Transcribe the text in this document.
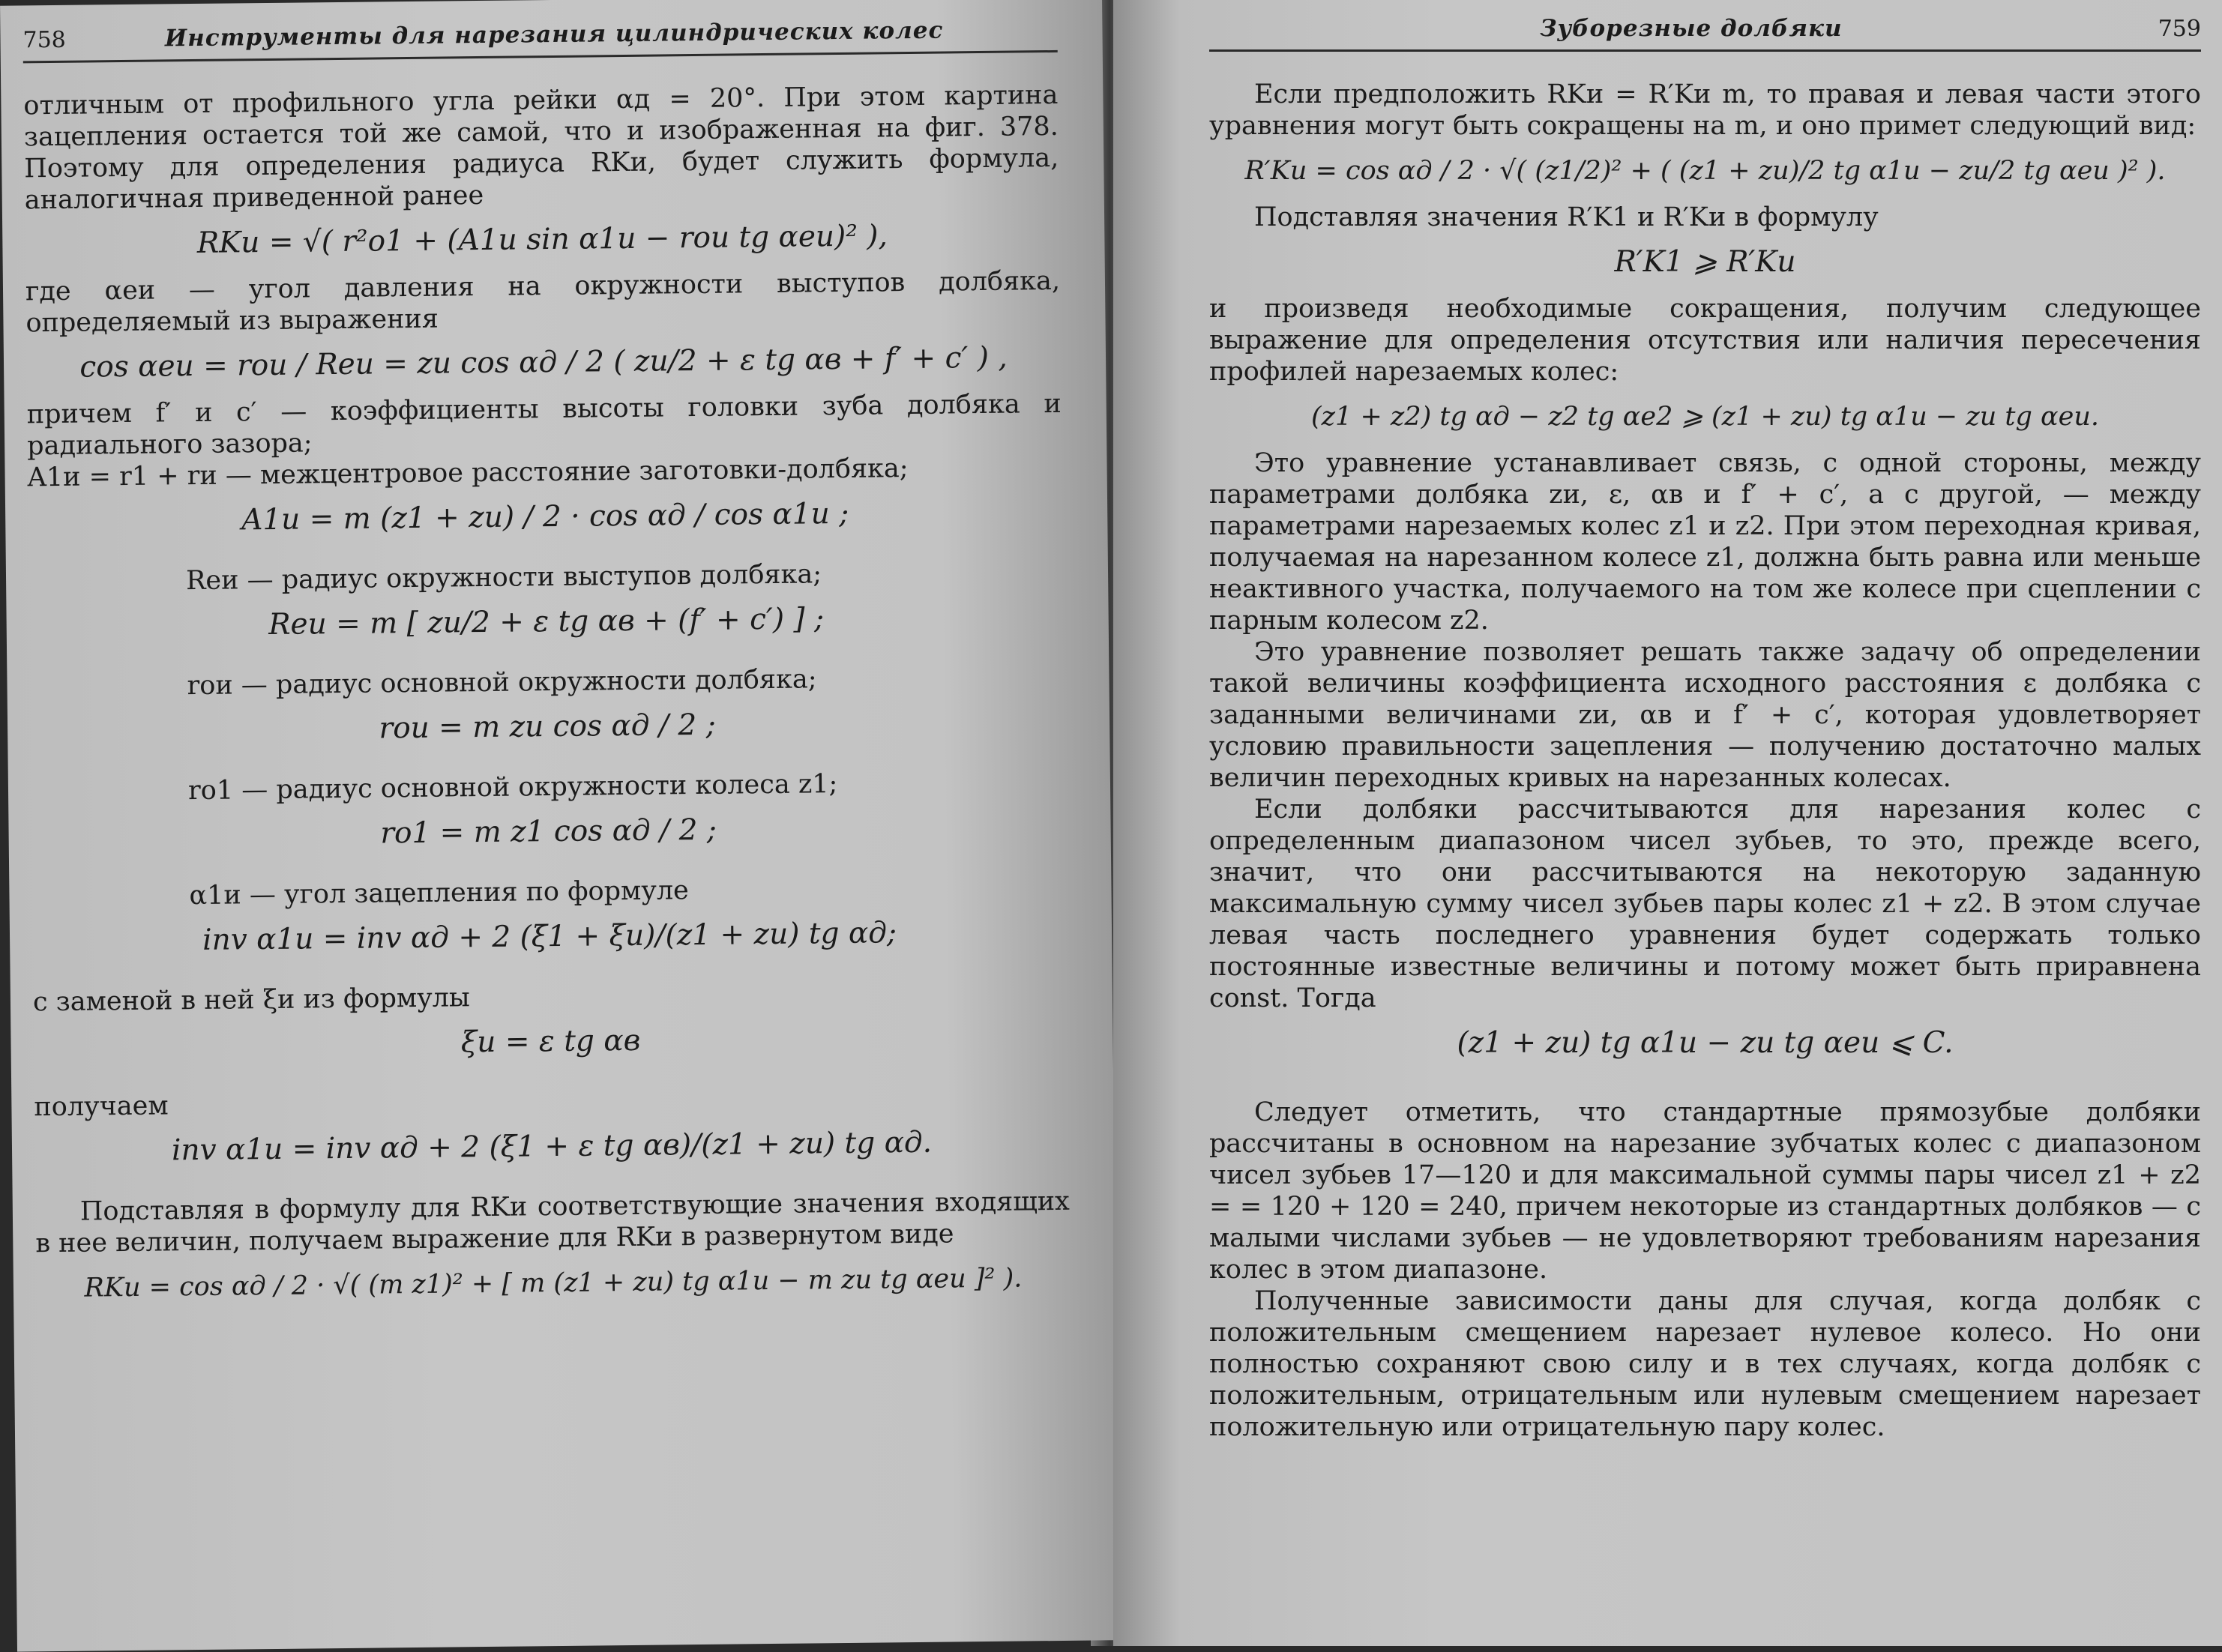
758	Инструменты для нарезания цилиндрических колес

отличным от профильного угла рейки αд = 20°. При этом картина зацепления остается той же самой, что и изображенная на фиг. 378. Поэтому для определения радиуса RKи, будет служить формула, аналогичная приведенной ранее

RKи = √( r²о1 + (A1и sin α1и − rои tg αеи)² ),

где αеи — угол давления на окружности выступов долбяка, определяемый из выражения

cos αеи = rои / Rеи = zи cos αд / 2 ( zи/2 + ε tg αв + f′ + c′ ) ,

причем f′ и c′ — коэффициенты высоты головки зуба долбяка и радиального зазора;

A1и = r1 + rи — межцентровое расстояние заготовки-долбяка;

A1и = m (z1 + zи) / 2 · cos αд / cos α1и ;

Rеи — радиус окружности выступов долбяка;

Rеи = m [ zи/2 + ε tg αв + (f′ + c′) ] ;

rои — радиус основной окружности долбяка;

rои = m zи cos αд / 2 ;

rо1 — радиус основной окружности колеса z1;

rо1 = m z1 cos αд / 2 ;

α1и — угол зацепления по формуле

inv α1и = inv αд + 2 (ξ1 + ξи)/(z1 + zи) tg αд;

с заменой в ней ξи из формулы

ξи = ε tg αв

получаем

inv α1и = inv αд + 2 (ξ1 + ε tg αв)/(z1 + zи) tg αд.

Подставляя в формулу для RKи соответствующие значения входящих в нее величин, получаем выражение для RKи в развернутом виде

RKи = cos αд / 2 · √( (m z1)² + [ m (z1 + zи) tg α1и − m zи tg αеи ]² ).
Зуборезные долбяки	759

Если предположить RKи = R′Kи m, то правая и левая части этого уравнения могут быть сокращены на m, и оно примет следующий вид:

R′Kи = cos αд / 2 · √( (z1/2)² + ( (z1 + zи)/2 tg α1и − zи/2 tg αеи )² ).

Подставляя значения R′K1 и R′Kи в формулу

R′K1 ⩾ R′Kи

и произведя необходимые сокращения, получим следующее выражение для определения отсутствия или наличия пересечения профилей нарезаемых колес:

(z1 + z2) tg αд − z2 tg αе2 ⩾ (z1 + zи) tg α1и − zи tg αеи.

Это уравнение устанавливает связь, с одной стороны, между параметрами долбяка zи, ε, αв и f′ + c′, а с другой, — между параметрами нарезаемых колес z1 и z2. При этом переходная кривая, получаемая на нарезанном колесе z1, должна быть равна или меньше неактивного участка, получаемого на том же колесе при сцеплении с парным колесом z2.

Это уравнение позволяет решать также задачу об определении такой величины коэффициента исходного расстояния ε долбяка с заданными величинами zи, αв и f′ + c′, которая удовлетворяет условию правильности зацепления — получению достаточно малых величин переходных кривых на нарезанных колесах.

Если долбяки рассчитываются для нарезания колес с определенным диапазоном чисел зубьев, то это, прежде всего, значит, что они рассчитываются на некоторую заданную максимальную сумму чисел зубьев пары колес z1 + z2. В этом случае левая часть последнего уравнения будет содержать только постоянные известные величины и потому может быть приравнена const. Тогда

(z1 + zи) tg α1и − zи tg αеи ⩽ C.

Следует отметить, что стандартные прямозубые долбяки рассчитаны в основном на нарезание зубчатых колес с диапазоном чисел зубьев 17—120 и для максимальной суммы пары чисел z1 + z2 = = 120 + 120 = 240, причем некоторые из стандартных долбяков — с малыми числами зубьев — не удовлетворяют требованиям нарезания колес в этом диапазоне.

Полученные зависимости даны для случая, когда долбяк с положительным смещением нарезает нулевое колесо. Но они полностью сохраняют свою силу и в тех случаях, когда долбяк с положительным, отрицательным или нулевым смещением нарезает положительную или отрицательную пару колес.
